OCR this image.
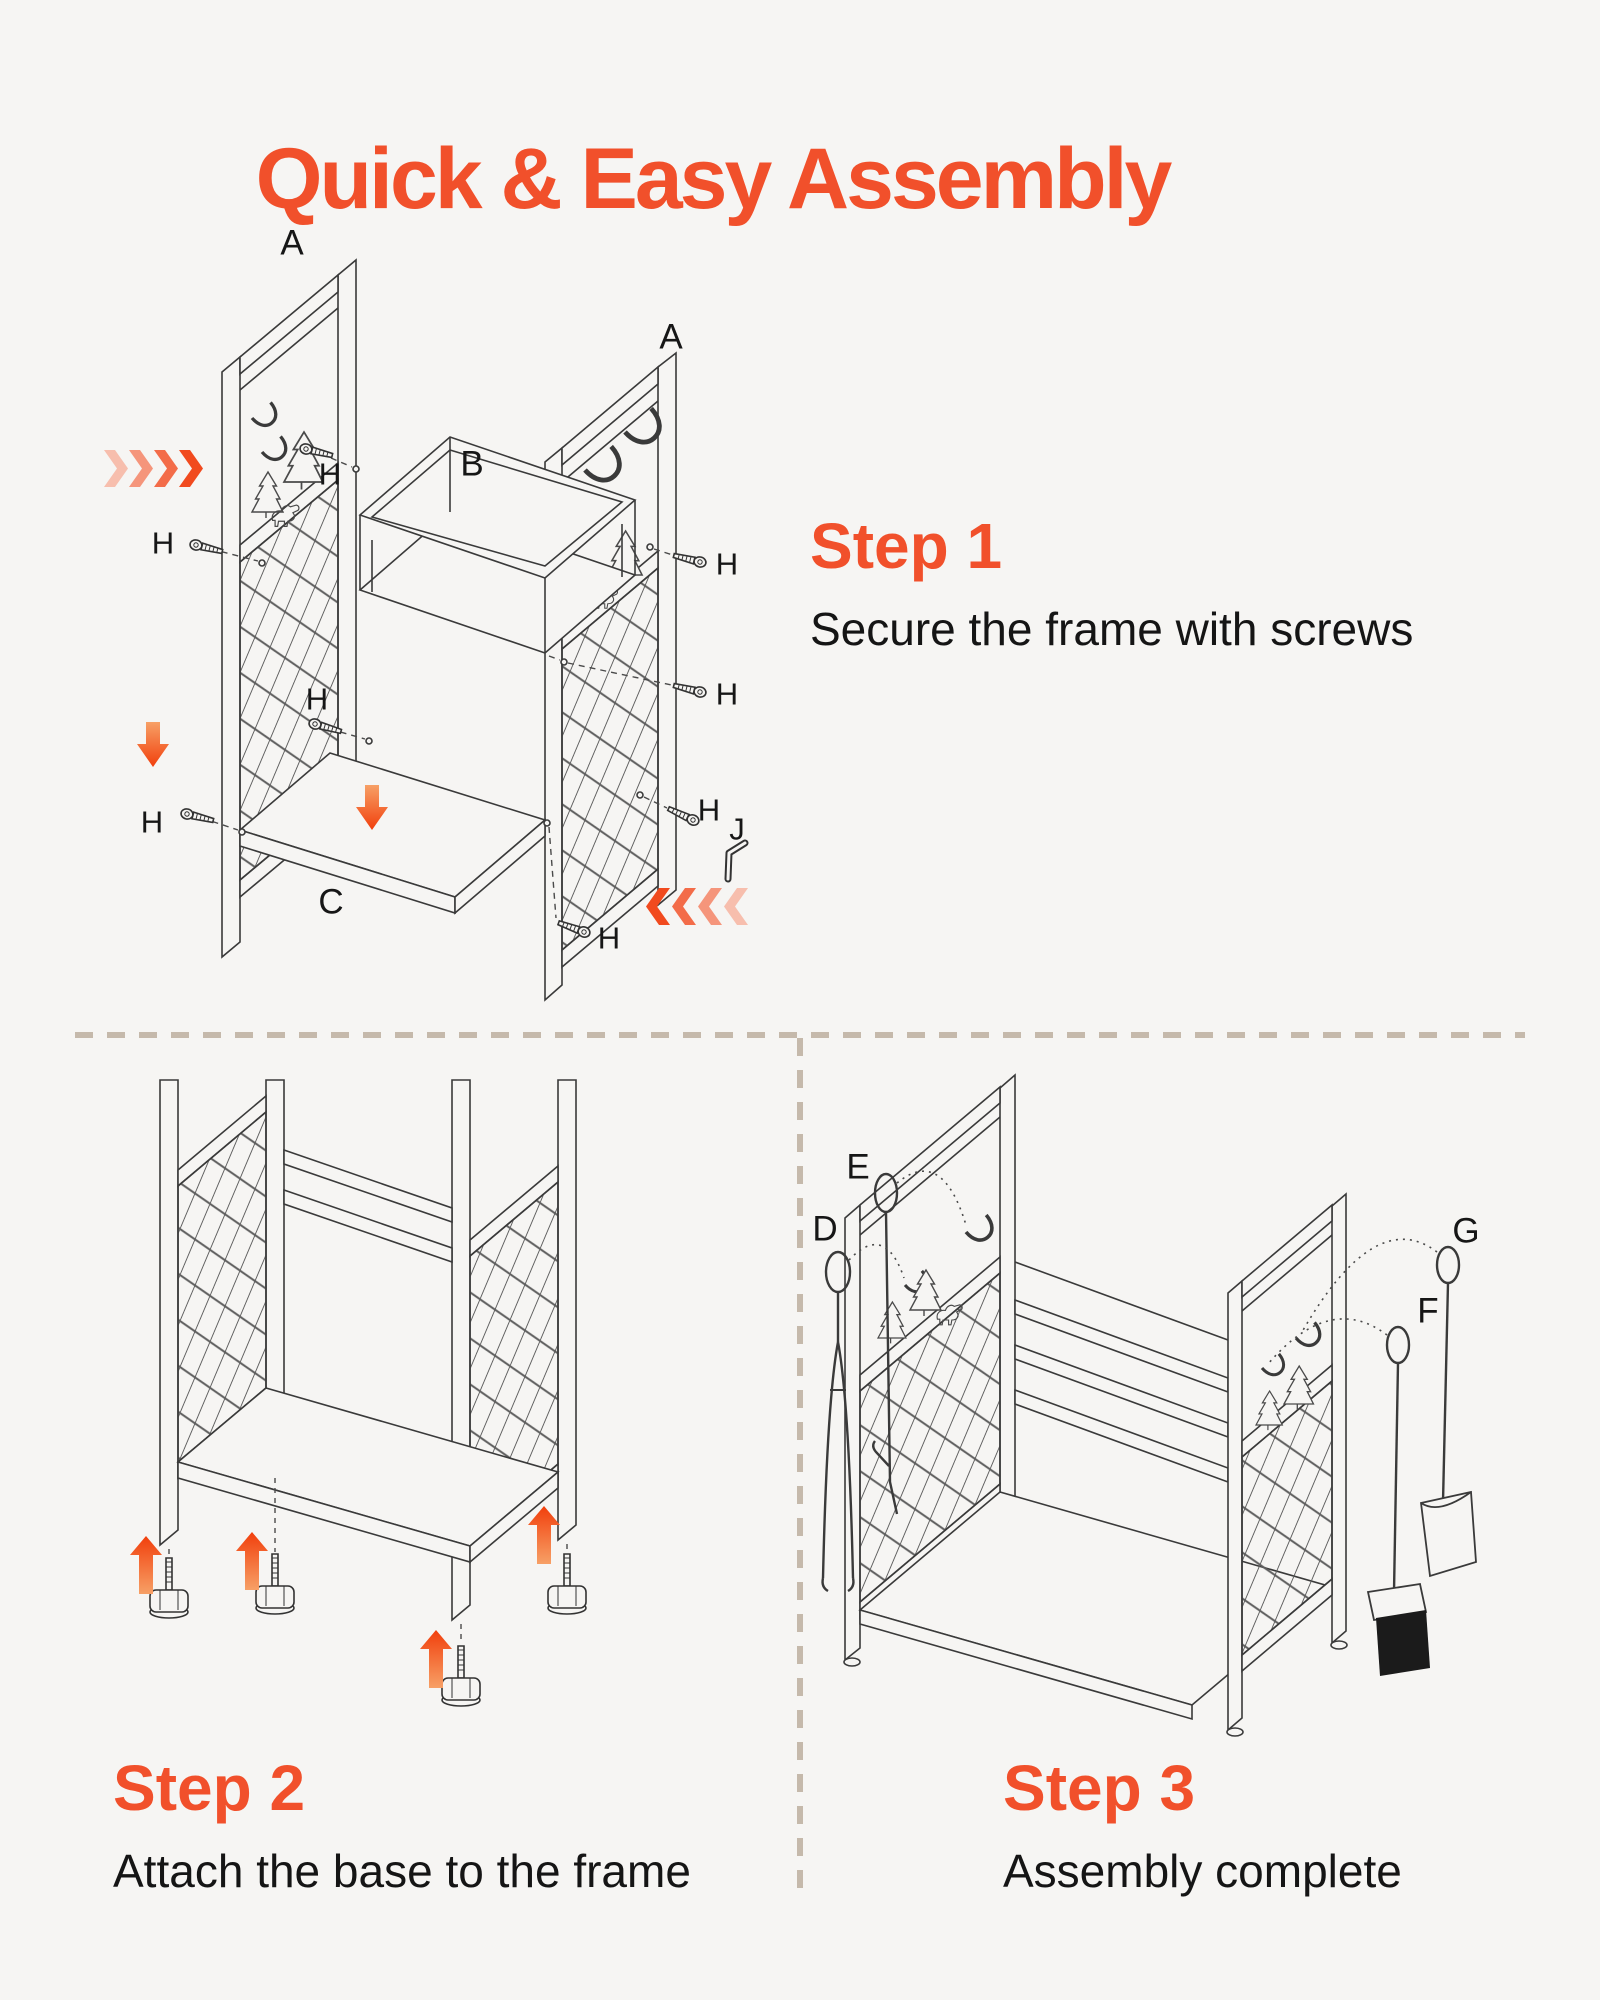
Quick & Easy Assembly
Step 1
Secure the frame with screws
Step 2
Attach the base to the frame
Step 3
Assembly complete
A
A
B
C
H
H
H
H
H
H
H
H
J
D
E
F
G
